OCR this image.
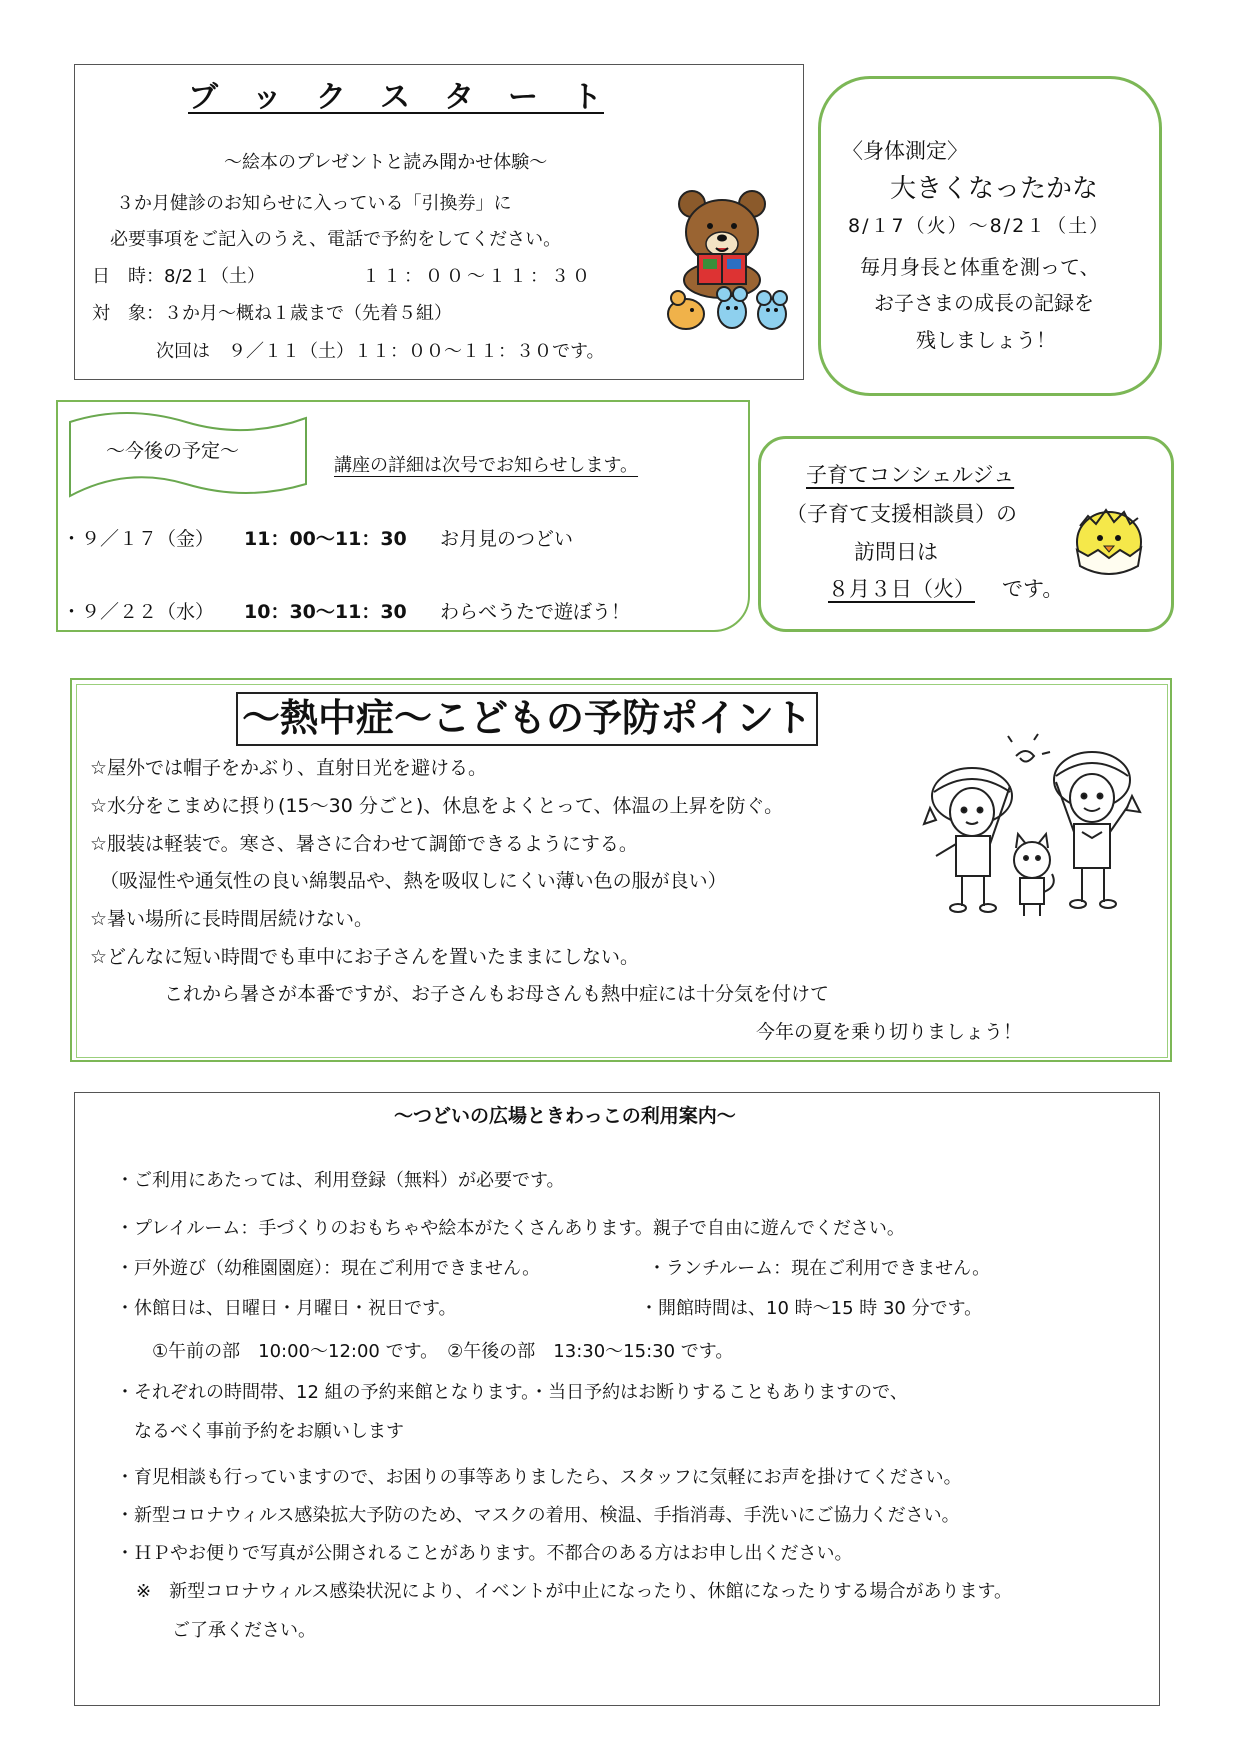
ブ　ッ　ク　ス　タ　ー　ト
～絵本のプレゼントと読み聞かせ体験～
３か月健診のお知らせに入っている「引換券」に
必要事項をご記入のうえ、電話で予約をしてください。
日　時：8/2１（土）	１１：００～１１：３０
対　象：３か月～概ね１歳まで（先着５組）
次回は　９／１１（土）１１：００～１１：３０です。
〈身体測定〉
大きくなったかな
8/１7（火）～8/2１（土）
毎月身長と体重を測って、
お子さまの成長の記録を
残しましょう！
～今後の予定～
講座の詳細は次号でお知らせします。
・９／１７（金） 11：00～11：30 お月見のつどい
・９／２２（水） 10：30～11：30 わらべうたで遊ぼう！
子育てコンシェルジュ
（子育て支援相談員）の
訪問日は
８月３日（火） です。
～熱中症～こどもの予防ポイント
☆屋外では帽子をかぶり、直射日光を避ける。
☆水分をこまめに摂り(15～30 分ごと)、休息をよくとって、体温の上昇を防ぐ。
☆服装は軽装で。寒さ、暑さに合わせて調節できるようにする。
（吸湿性や通気性の良い綿製品や、熱を吸収しにくい薄い色の服が良い）
☆暑い場所に長時間居続けない。
☆どんなに短い時間でも車中にお子さんを置いたままにしない。
これから暑さが本番ですが、お子さんもお母さんも熱中症には十分気を付けて
今年の夏を乗り切りましょう！
～つどいの広場ときわっこの利用案内～
・ご利用にあたっては、利用登録（無料）が必要です。
・プレイルーム：手づくりのおもちゃや絵本がたくさんあります。親子で自由に遊んでください。
・戸外遊び（幼稚園園庭）：現在ご利用できません。	・ランチルーム：現在ご利用できません。
・休館日は、日曜日・月曜日・祝日です。	・開館時間は、10 時～15 時 30 分です。
①午前の部　10:00～12:00 です。　②午後の部　13:30～15:30 です。
・それぞれの時間帯、12 組の予約来館となります。・当日予約はお断りすることもありますので、
なるべく事前予約をお願いします
・育児相談も行っていますので、お困りの事等ありましたら、スタッフに気軽にお声を掛けてください。
・新型コロナウィルス感染拡大予防のため、マスクの着用、検温、手指消毒、手洗いにご協力ください。
・ＨＰやお便りで写真が公開されることがあります。不都合のある方はお申し出ください。
※　新型コロナウィルス感染状況により、イベントが中止になったり、休館になったりする場合があります。
ご了承ください。
